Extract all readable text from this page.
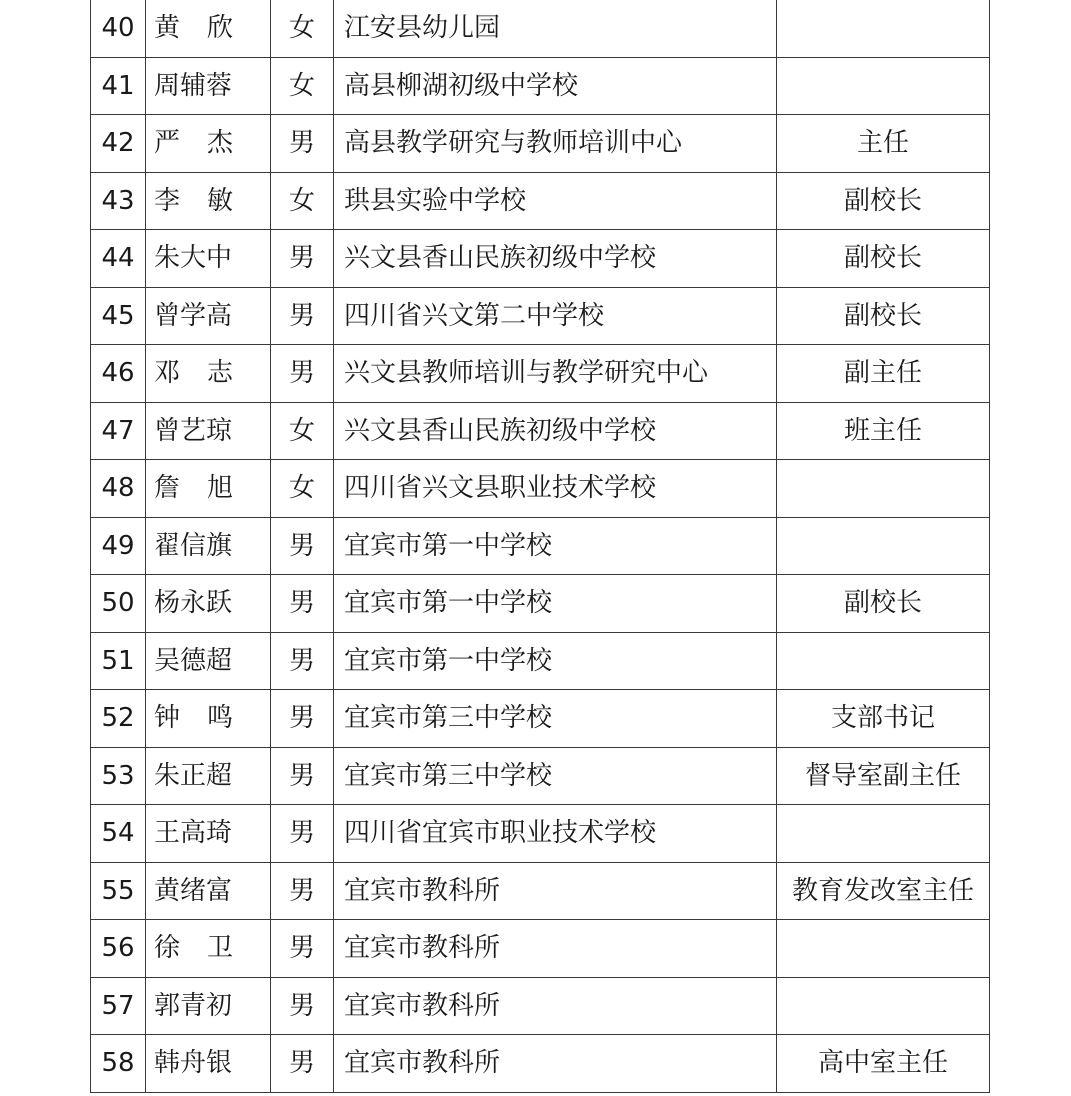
40	黄欣	女	江安县幼儿园	
41	周辅蓉	女	高县柳湖初级中学校	
42	严杰	男	高县教学研究与教师培训中心	主任
43	李敏	女	珙县实验中学校	副校长
44	朱大中	男	兴文县香山民族初级中学校	副校长
45	曾学高	男	四川省兴文第二中学校	副校长
46	邓志	男	兴文县教师培训与教学研究中心	副主任
47	曾艺琼	女	兴文县香山民族初级中学校	班主任
48	詹旭	女	四川省兴文县职业技术学校	
49	翟信旗	男	宜宾市第一中学校	
50	杨永跃	男	宜宾市第一中学校	副校长
51	吴德超	男	宜宾市第一中学校	
52	钟鸣	男	宜宾市第三中学校	支部书记
53	朱正超	男	宜宾市第三中学校	督导室副主任
54	王高琦	男	四川省宜宾市职业技术学校	
55	黄绪富	男	宜宾市教科所	教育发改室主任
56	徐卫	男	宜宾市教科所	
57	郭青初	男	宜宾市教科所	
58	韩舟银	男	宜宾市教科所	高中室主任
